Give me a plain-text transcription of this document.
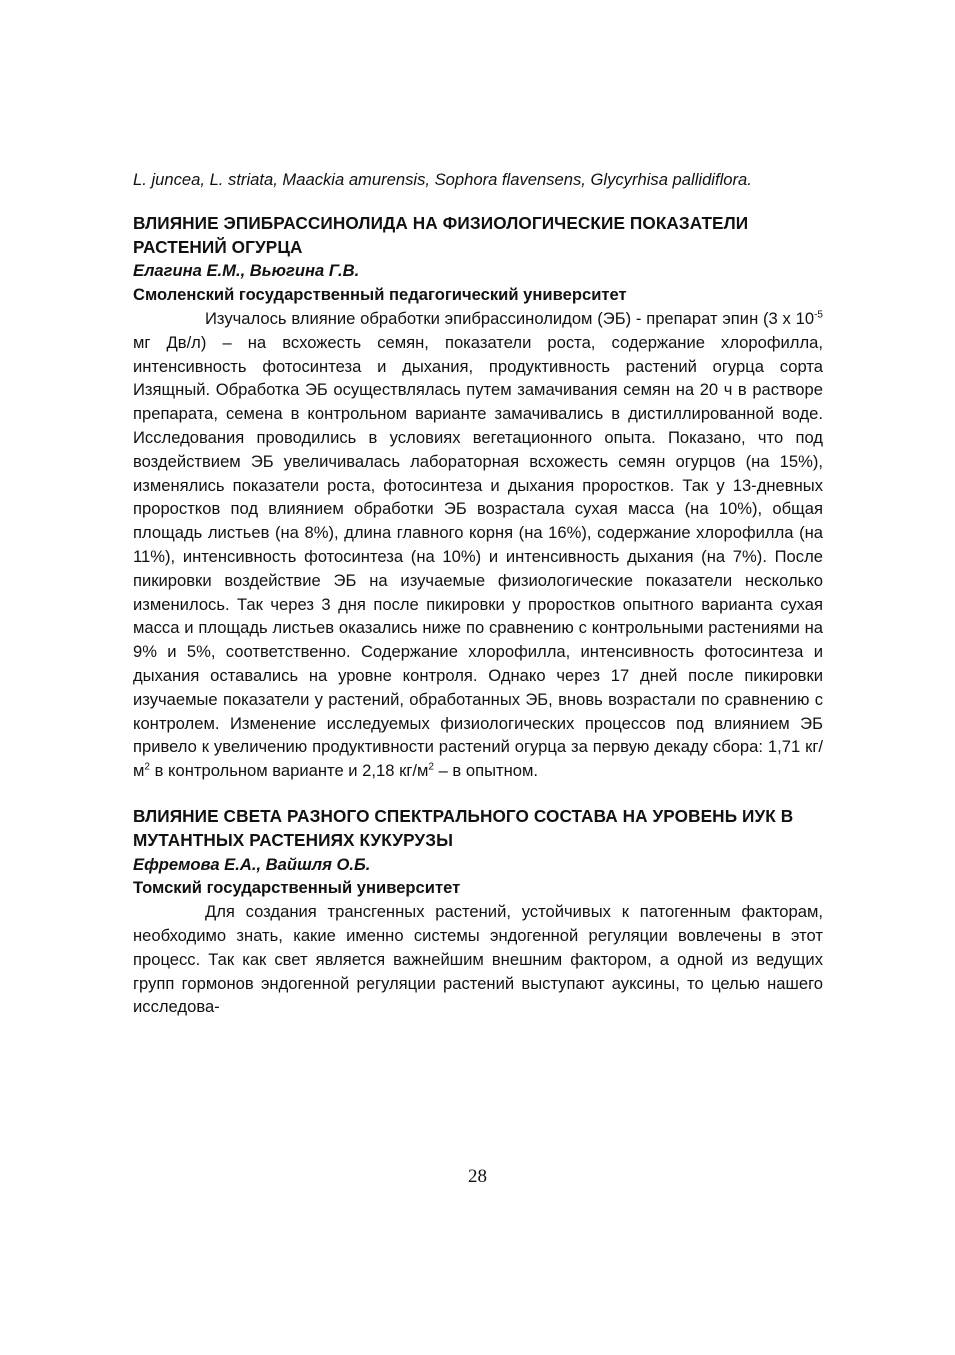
L. juncea, L. striata, Maackia amurensis, Sophora flavensens, Glycyrhisa pallidiflora.

ВЛИЯНИЕ ЭПИБРАССИНОЛИДА НА ФИЗИОЛОГИЧЕСКИЕ ПОКАЗАТЕЛИ РАСТЕНИЙ ОГУРЦА

Елагина Е.М., Вьюгина Г.В.

Смоленский государственный педагогический университет

Изучалось влияние обработки эпибрассинолидом (ЭБ) - препарат эпин (3 х $10^{-5}$ мг Дв/л) – на всхожесть семян, показатели роста, содержание хлорофилла, интенсивность фотосинтеза и дыхания, продуктивность растений огурца сорта Изящный. Обработка ЭБ осуществлялась путем замачивания семян на 20 ч в растворе препарата, семена в контрольном варианте замачивались в дистиллированной воде. Исследования проводились в условиях вегетационного опыта. Показано, что под воздействием ЭБ увеличивалась лабораторная всхожесть семян огурцов (на 15%), изменялись показатели роста, фотосинтеза и дыхания проростков. Так у 13-дневных проростков под влиянием обработки ЭБ возрастала сухая масса (на 10%), общая площадь листьев (на 8%), длина главного корня (на 16%), содержание хлорофилла (на 11%), интенсивность фотосинтеза (на 10%) и интенсивность дыхания (на 7%). После пикировки воздействие ЭБ на изучаемые физиологические показатели несколько изменилось. Так через 3 дня после пикировки у проростков опытного варианта сухая масса и площадь листьев оказались ниже по сравнению с контрольными растениями на 9% и 5%, соответственно. Содержание хлорофилла, интенсивность фотосинтеза и дыхания оставались на уровне контроля. Однако через 17 дней после пикировки изучаемые показатели у растений, обработанных ЭБ, вновь возрастали по сравнению с контролем. Изменение исследуемых физиологических процессов под влиянием ЭБ привело к увеличению продуктивности растений огурца за первую декаду сбора: 1,71 $кг/м^2$ в контрольном варианте и 2,18 $кг/м^2$ – в опытном.

ВЛИЯНИЕ СВЕТА РАЗНОГО СПЕКТРАЛЬНОГО СОСТАВА НА УРОВЕНЬ ИУК В МУТАНТНЫХ РАСТЕНИЯХ КУКУРУЗЫ

Ефремова Е.А., Вайшля О.Б.

Томский государственный университет

Для создания трансгенных растений, устойчивых к патогенным факторам, необходимо знать, какие именно системы эндогенной регуляции вовлечены в этот процесс. Так как свет является важнейшим внешним фактором, а одной из ведущих групп гормонов эндогенной регуляции растений выступают ауксины, то целью нашего исследова-

28
